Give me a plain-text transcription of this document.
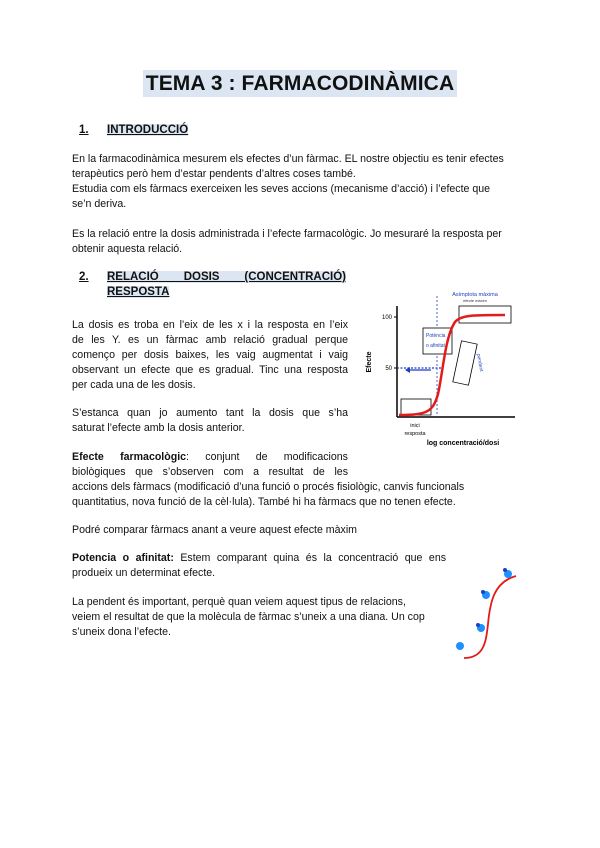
TEMA 3 : FARMACODINÀMICA
1. INTRODUCCIÓ

En la farmacodinàmica mesurem els efectes d’un fàrmac. EL nostre objectiu es tenir efectes

terapèutics però hem d’estar pendents d’altres coses també.

Estudia com els fàrmacs exerceixen les seves accions (mecanisme d’acció) i l’efecte que

se’n deriva.

Es la relació entre la dosis administrada i l’efecte farmacològic. Jo mesuraré la resposta per

obtenir aquesta relació.

2. RELACIÓ DOSIS (CONCENTRACIÓ)
RESPOSTA

La dosis es troba en l’eix de les x i la resposta en l’eix

de les Y. es un fàrmac amb relació gradual perque

començo per dosis baixes, les vaig augmentat i vaig

observant un efecte que es gradual. Tinc una resposta

per cada una de les dosis.

S’estanca quan jo aumento tant la dosis que s’ha

saturat l’efecte amb la dosis anterior.

Efecte farmacològic: conjunt de modificacions

biològiques que s’observen com a resultat de les

accions dels fàrmacs (modificació d’una funció o procés fisiològic, canvis funcionals

quantitatius, nova funció de la cèl·lula). També hi ha fàrmacs que no tenen efecte.

Podré comparar fàrmacs anant a veure aquest efecte màxim

Potencia o afinitat: Estem comparant quina és la concentració que ens

produeix un determinat efecte.

La pendent és important, perquè quan veiem aquest tipus de relacions,

veiem el resultat de que la molècula de fàrmac s’uneix a una diana. Un cop

s’uneix dona l’efecte.

Efecte
100
50
Asímptota màxima
efecte màxim
Potència
o afinitat
pendent
inici
resposta
log concentració/dosi
